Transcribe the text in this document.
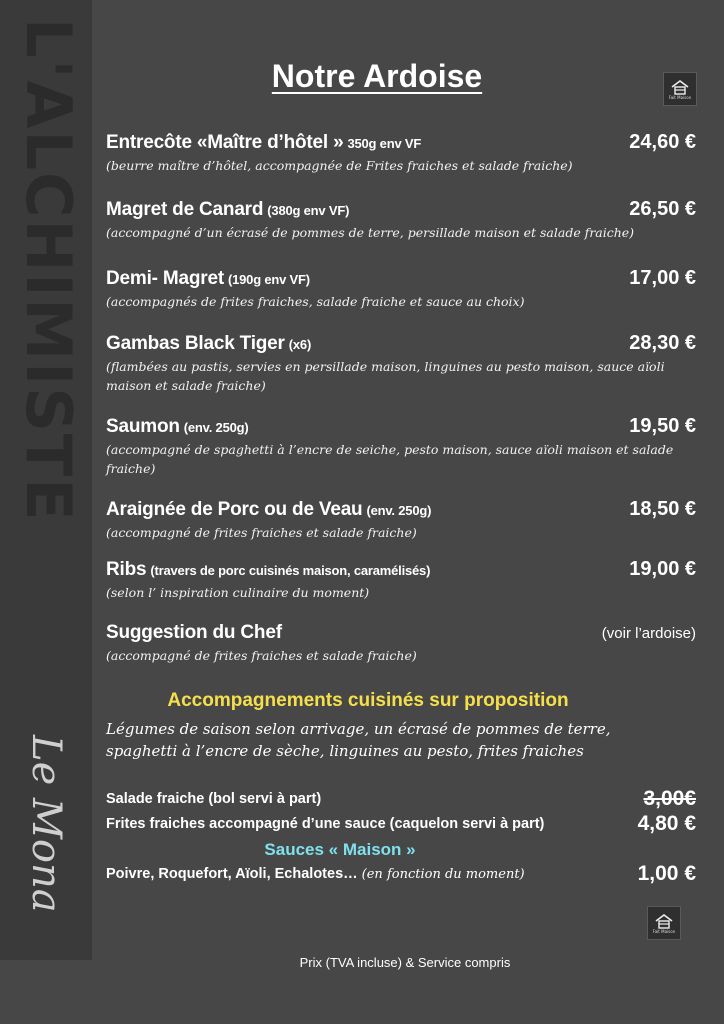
L'ALCHIMISTE
Le Mona
Notre Ardoise
Fait Maison
Entrecôte «Maître d’hôtel » 350g env VF	24,60 €
(beurre maître d’hôtel, accompagnée de Frites fraiches et salade fraiche)
Magret de Canard (380g env VF)	26,50 €
(accompagné d’un écrasé de pommes de terre, persillade maison et salade fraiche)
Demi- Magret (190g env VF)	17,00 €
(accompagnés de frites fraiches, salade fraiche et sauce au choix)
Gambas Black Tiger (x6)	28,30 €
(flambées au pastis, servies en persillade maison, linguines au pesto maison, sauce aïoli maison et salade fraiche)
Saumon (env. 250g)	19,50 €
(accompagné de spaghetti à l’encre de seiche, pesto maison, sauce aïoli maison et salade fraiche)
Araignée de Porc ou de Veau (env. 250g)	18,50 €
(accompagné de frites fraiches et salade fraiche)
Ribs (travers de porc cuisinés maison, caramélisés)	19,00 €
(selon l’ inspiration culinaire du moment)
Suggestion du Chef	(voir l’ardoise)
(accompagné de frites fraiches et salade fraiche)
Accompagnements cuisinés sur proposition
Légumes de saison selon arrivage, un écrasé de pommes de terre, spaghetti à l’encre de sèche, linguines au pesto, frites fraiches
Salade fraiche (bol servi à part)	3,00€
Frites fraiches accompagné d’une sauce (caquelon servi à part)	4,80 €
Sauces « Maison »
Poivre, Roquefort, Aïoli, Echalotes… (en fonction du moment)	1,00 €
Fait Maison
Prix (TVA incluse) & Service compris
